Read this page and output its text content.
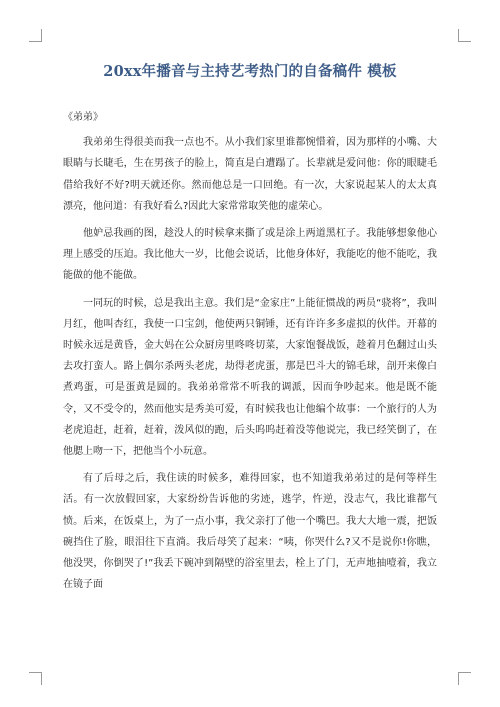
20xx年播音与主持艺考热门的自备稿件 模板
《弟弟》

我弟弟生得很美而我一点也不。从小我们家里谁都惋惜着，因为那样的小嘴、大眼睛与长睫毛，生在男孩子的脸上，简直是白遭蹋了。长辈就是爱问他：你的眼睫毛借给我好不好?明天就还你。然而他总是一口回绝。有一次，大家说起某人的太太真漂亮，他问道：有我好看么?因此大家常常取笑他的虚荣心。

他妒忌我画的图，趁没人的时候拿来撕了或是涂上两道黑杠子。我能够想象他心理上感受的压迫。我比他大一岁，比他会说话，比他身体好，我能吃的他不能吃，我能做的他不能做。

一同玩的时候，总是我出主意。我们是“金家庄”上能征惯战的两员“骁将”，我叫月红，他叫杏红，我使一口宝剑，他使两只铜锤，还有许许多多虚拟的伙伴。开幕的时候永远是黄昏，金大妈在公众厨房里咚咚切菜，大家饱餐战饭，趁着月色翻过山头去攻打蛮人。路上偶尔杀两头老虎，劫得老虎蛋，那是巴斗大的锦毛球，剖开来像白煮鸡蛋，可是蛋黄是圆的。我弟弟常常不听我的调派，因而争吵起来。他是既不能令，又不受令的，然而他实是秀美可爱，有时候我也让他编个故事：一个旅行的人为老虎追赶，赶着，赶着，泼风似的跑，后头呜呜赶着没等他说完，我已经笑倒了，在他腮上吻一下，把他当个小玩意。

有了后母之后，我住读的时候多，难得回家，也不知道我弟弟过的是何等样生活。有一次放假回家，大家纷纷告诉他的劣迹，逃学，忤逆，没志气，我比谁都气愤。后来，在饭桌上，为了一点小事，我父亲打了他一个嘴巴。我大大地一震，把饭碗挡住了脸，眼泪往下直淌。我后母笑了起来：“咦，你哭什么?又不是说你!你瞧，他没哭，你倒哭了!”我丢下碗冲到隔壁的浴室里去，栓上了门，无声地抽噎着，我立在镜子面
